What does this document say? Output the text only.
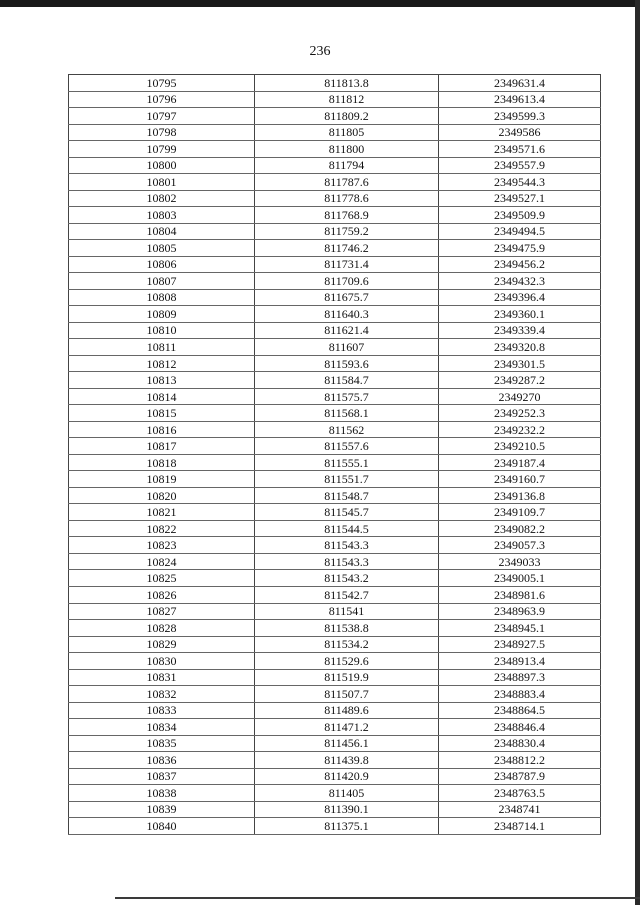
236
10795	811813.8	2349631.4
10796	811812	2349613.4
10797	811809.2	2349599.3
10798	811805	2349586
10799	811800	2349571.6
10800	811794	2349557.9
10801	811787.6	2349544.3
10802	811778.6	2349527.1
10803	811768.9	2349509.9
10804	811759.2	2349494.5
10805	811746.2	2349475.9
10806	811731.4	2349456.2
10807	811709.6	2349432.3
10808	811675.7	2349396.4
10809	811640.3	2349360.1
10810	811621.4	2349339.4
10811	811607	2349320.8
10812	811593.6	2349301.5
10813	811584.7	2349287.2
10814	811575.7	2349270
10815	811568.1	2349252.3
10816	811562	2349232.2
10817	811557.6	2349210.5
10818	811555.1	2349187.4
10819	811551.7	2349160.7
10820	811548.7	2349136.8
10821	811545.7	2349109.7
10822	811544.5	2349082.2
10823	811543.3	2349057.3
10824	811543.3	2349033
10825	811543.2	2349005.1
10826	811542.7	2348981.6
10827	811541	2348963.9
10828	811538.8	2348945.1
10829	811534.2	2348927.5
10830	811529.6	2348913.4
10831	811519.9	2348897.3
10832	811507.7	2348883.4
10833	811489.6	2348864.5
10834	811471.2	2348846.4
10835	811456.1	2348830.4
10836	811439.8	2348812.2
10837	811420.9	2348787.9
10838	811405	2348763.5
10839	811390.1	2348741
10840	811375.1	2348714.1
